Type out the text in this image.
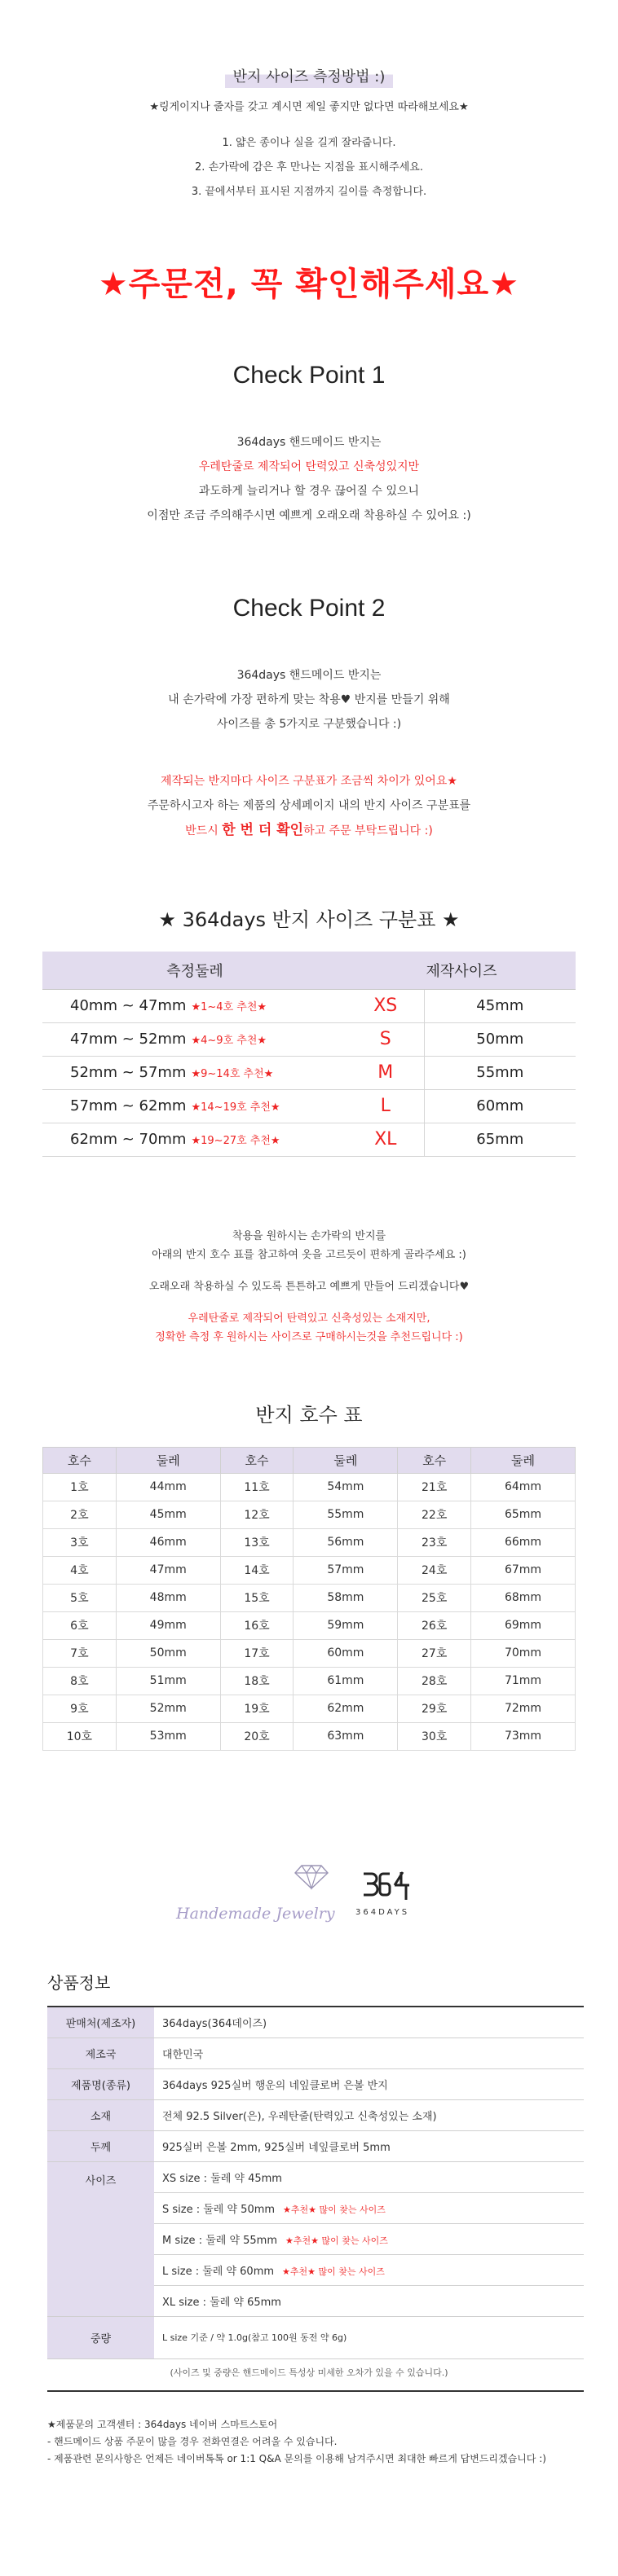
반지 사이즈 측정방법 :)
★링게이지나 줄자를 갖고 계시면 제일 좋지만 없다면 따라해보세요★
1. 얇은 종이나 실을 길게 잘라줍니다.
2. 손가락에 감은 후 만나는 지점을 표시해주세요.
3. 끝에서부터 표시된 지점까지 길이를 측정합니다.
★주문전, 꼭 확인해주세요★
Check Point 1
364days 핸드메이드 반지는
우레탄줄로 제작되어 탄력있고 신축성있지만
과도하게 늘리거나 할 경우 끊어질 수 있으니
이점만 조금 주의해주시면 예쁘게 오래오래 착용하실 수 있어요 :)
Check Point 2
364days 핸드메이드 반지는
내 손가락에 가장 편하게 맞는 착용♥ 반지를 만들기 위해
사이즈를 총 5가지로 구분했습니다 :)
제작되는 반지마다 사이즈 구분표가 조금씩 차이가 있어요★
주문하시고자 하는 제품의 상세페이지 내의 반지 사이즈 구분표를
반드시 한 번 더 확인하고 주문 부탁드립니다 :)
★ 364days 반지 사이즈 구분표 ★
측정둘레	제작사이즈	
40mm ~ 47mm ★1~4호 추천★	XS	45mm
47mm ~ 52mm ★4~9호 추천★	S	50mm
52mm ~ 57mm ★9~14호 추천★	M	55mm
57mm ~ 62mm ★14~19호 추천★	L	60mm
62mm ~ 70mm ★19~27호 추천★	XL	65mm

착용을 원하시는 손가락의 반지를
아래의 반지 호수 표를 참고하여 옷을 고르듯이 편하게 골라주세요 :)

오래오래 착용하실 수 있도록 튼튼하고 예쁘게 만들어 드리겠습니다♥

우레탄줄로 제작되어 탄력있고 신축성있는 소재지만,
정확한 측정 후 원하시는 사이즈로 구매하시는것을 추천드립니다 :)

반지 호수 표
호수	둘레	호수	둘레	호수	둘레
1호	44mm	11호	54mm	21호	64mm
2호	45mm	12호	55mm	22호	65mm
3호	46mm	13호	56mm	23호	66mm
4호	47mm	14호	57mm	24호	67mm
5호	48mm	15호	58mm	25호	68mm
6호	49mm	16호	59mm	26호	69mm
7호	50mm	17호	60mm	27호	70mm
8호	51mm	18호	61mm	28호	71mm
9호	52mm	19호	62mm	29호	72mm
10호	53mm	20호	63mm	30호	73mm
Handemade Jewelry	364DAYS
상품정보
판매처(제조자)	364days(364데이즈)
제조국	대한민국
제품명(종류)	364days 925실버 행운의 네잎클로버 은볼 반지
소재	전체 92.5 Silver(은), 우레탄줄(탄력있고 신축성있는 소재)
두께	925실버 은볼 2mm, 925실버 네잎클로버 5mm
사이즈	XS size : 둘레 약 45mm
	S size : 둘레 약 50mm ★추천★ 많이 찾는 사이즈
	M size : 둘레 약 55mm ★추천★ 많이 찾는 사이즈
	L size : 둘레 약 60mm ★추천★ 많이 찾는 사이즈
	XL size : 둘레 약 65mm
중량	L size 기준 / 약 1.0g(참고 100원 동전 약 6g)
(사이즈 및 중량은 핸드메이드 특성상 미세한 오차가 있을 수 있습니다.)
★제품문의 고객센터 : 364days 네이버 스마트스토어
- 핸드메이드 상품 주문이 많을 경우 전화연결은 어려울 수 있습니다.
- 제품관련 문의사항은 언제든 네이버톡톡 or 1:1 Q&A 문의를 이용해 남겨주시면 최대한 빠르게 답변드리겠습니다 :)
